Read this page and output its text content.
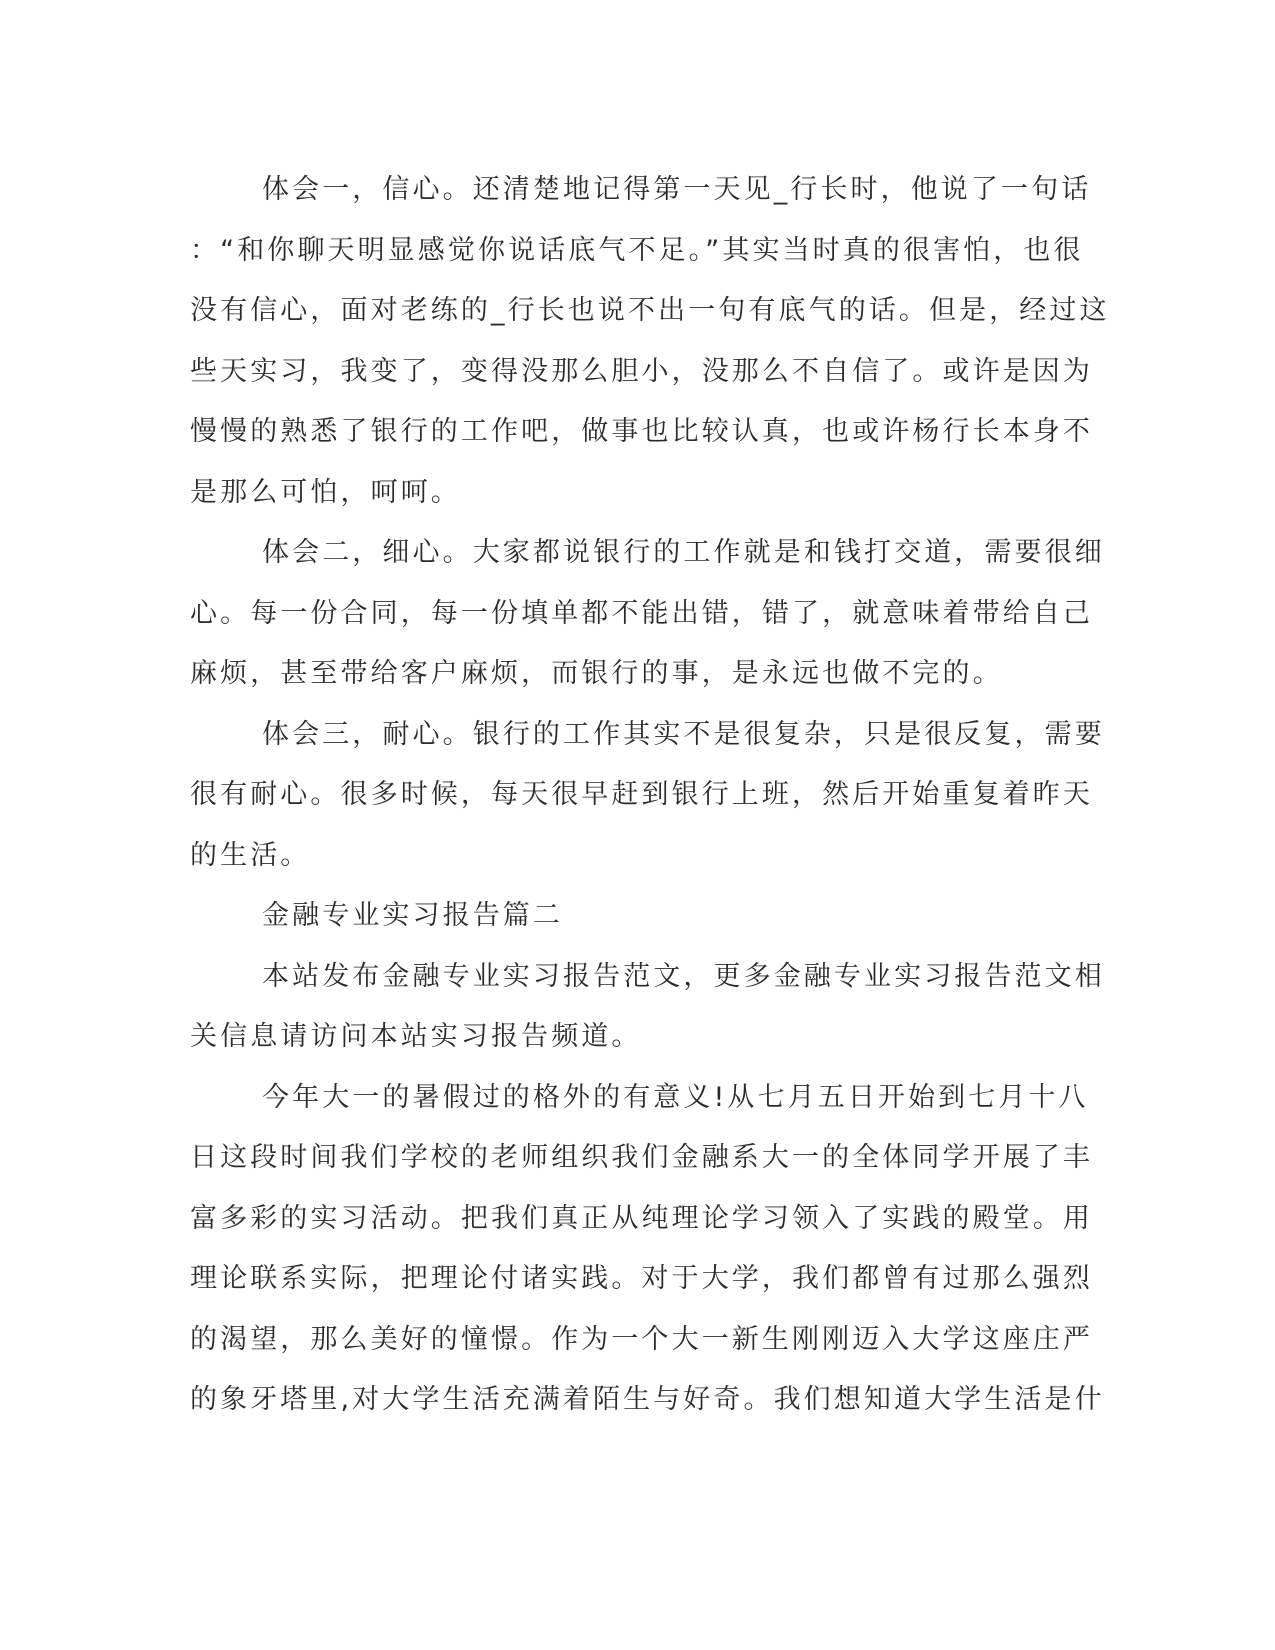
体会一，信心。还清楚地记得第一天见_行长时，他说了一句话
：“和你聊天明显感觉你说话底气不足。”其实当时真的很害怕，也很
没有信心，面对老练的_行长也说不出一句有底气的话。但是，经过这
些天实习，我变了，变得没那么胆小，没那么不自信了。或许是因为
慢慢的熟悉了银行的工作吧，做事也比较认真，也或许杨行长本身不
是那么可怕，呵呵。
体会二，细心。大家都说银行的工作就是和钱打交道，需要很细
心。每一份合同，每一份填单都不能出错，错了，就意味着带给自己
麻烦，甚至带给客户麻烦，而银行的事，是永远也做不完的。
体会三，耐心。银行的工作其实不是很复杂，只是很反复，需要
很有耐心。很多时候，每天很早赶到银行上班，然后开始重复着昨天
的生活。
金融专业实习报告篇二
本站发布金融专业实习报告范文，更多金融专业实习报告范文相
关信息请访问本站实习报告频道。
今年大一的暑假过的格外的有意义!从七月五日开始到七月十八
日这段时间我们学校的老师组织我们金融系大一的全体同学开展了丰
富多彩的实习活动。把我们真正从纯理论学习领入了实践的殿堂。用
理论联系实际，把理论付诸实践。对于大学，我们都曾有过那么强烈
的渴望，那么美好的憧憬。作为一个大一新生刚刚迈入大学这座庄严
的象牙塔里,对大学生活充满着陌生与好奇。我们想知道大学生活是什
